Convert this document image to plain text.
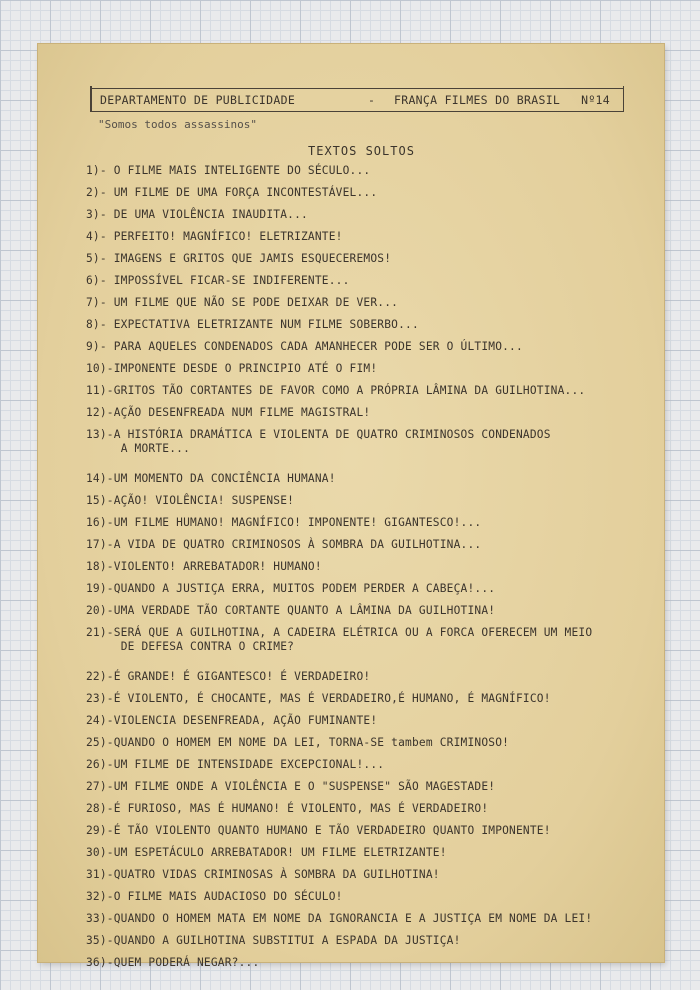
DEPARTAMENTO DE PUBLICIDADE	- FRANÇA FILMES DO BRASIL Nº14
"Somos todos assassinos"
TEXTOS SOLTOS
1)- O FILME MAIS INTELIGENTE DO SÉCULO...
2)- UM FILME DE UMA FORÇA INCONTESTÁVEL...
3)- DE UMA VIOLÊNCIA INAUDITA...
4)- PERFEITO! MAGNÍFICO! ELETRIZANTE!
5)- IMAGENS E GRITOS QUE JAMIS ESQUECEREMOS!
6)- IMPOSSÍVEL FICAR-SE INDIFERENTE...
7)- UM FILME QUE NÃO SE PODE DEIXAR DE VER...
8)- EXPECTATIVA ELETRIZANTE NUM FILME SOBERBO...
9)- PARA AQUELES CONDENADOS CADA AMANHECER PODE SER O ÚLTIMO...
10)-IMPONENTE DESDE O PRINCIPIO ATÉ O FIM!
11)-GRITOS TÃO CORTANTES DE FAVOR COMO A PRÓPRIA LÂMINA DA GUILHOTINA...
12)-AÇÃO DESENFREADA NUM FILME MAGISTRAL!
13)-A HISTÓRIA DRAMÁTICA E VIOLENTA DE QUATRO CRIMINOSOS CONDENADOS
A MORTE...
14)-UM MOMENTO DA CONCIÊNCIA HUMANA!
15)-AÇÃO! VIOLÊNCIA! SUSPENSE!
16)-UM FILME HUMANO! MAGNÍFICO! IMPONENTE! GIGANTESCO!...
17)-A VIDA DE QUATRO CRIMINOSOS À SOMBRA DA GUILHOTINA...
18)-VIOLENTO! ARREBATADOR! HUMANO!
19)-QUANDO A JUSTIÇA ERRA, MUITOS PODEM PERDER A CABEÇA!...
20)-UMA VERDADE TÃO CORTANTE QUANTO A LÂMINA DA GUILHOTINA!
21)-SERÁ QUE A GUILHOTINA, A CADEIRA ELÉTRICA OU A FORCA OFERECEM UM MEIO
DE DEFESA CONTRA O CRIME?
22)-É GRANDE! É GIGANTESCO! É VERDADEIRO!
23)-É VIOLENTO, É CHOCANTE, MAS É VERDADEIRO,É HUMANO, É MAGNÍFICO!
24)-VIOLENCIA DESENFREADA, AÇÃO FUMINANTE!
25)-QUANDO O HOMEM EM NOME DA LEI, TORNA-SE tambem CRIMINOSO!
26)-UM FILME DE INTENSIDADE EXCEPCIONAL!...
27)-UM FILME ONDE A VIOLÊNCIA E O "SUSPENSE" SÃO MAGESTADE!
28)-É FURIOSO, MAS É HUMANO! É VIOLENTO, MAS É VERDADEIRO!
29)-É TÃO VIOLENTO QUANTO HUMANO E TÃO VERDADEIRO QUANTO IMPONENTE!
30)-UM ESPETÁCULO ARREBATADOR! UM FILME ELETRIZANTE!
31)-QUATRO VIDAS CRIMINOSAS À SOMBRA DA GUILHOTINA!
32)-O FILME MAIS AUDACIOSO DO SÉCULO!
33)-QUANDO O HOMEM MATA EM NOME DA IGNORANCIA E A JUSTIÇA EM NOME DA LEI!
35)-QUANDO A GUILHOTINA SUBSTITUI A ESPADA DA JUSTIÇA!
36)-QUEM PODERÁ NEGAR?...
